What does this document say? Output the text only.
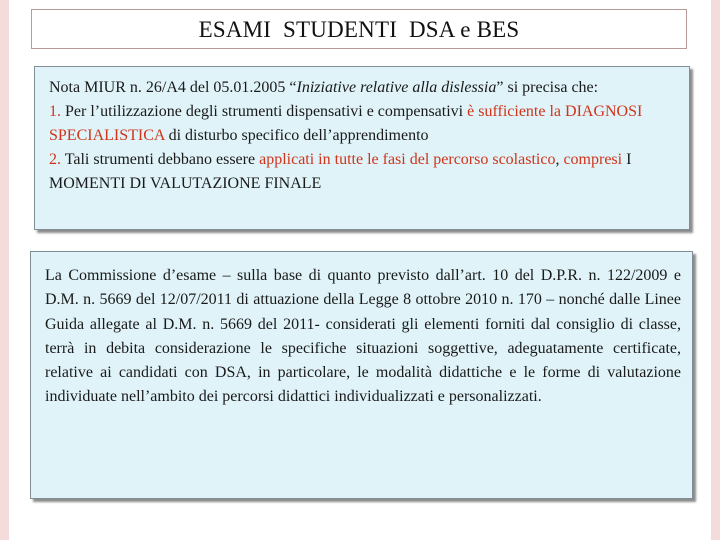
ESAMI  STUDENTI  DSA e BES
Nota MIUR n. 26/A4 del 05.01.2005 “Iniziative relative alla dislessia” si precisa che:
1. Per l’utilizzazione degli strumenti dispensativi e compensativi è sufficiente la DIAGNOSI SPECIALISTICA di disturbo specifico dell’apprendimento
2. Tali strumenti debbano essere applicati in tutte le fasi del percorso scolastico, compresi I MOMENTI DI VALUTAZIONE FINALE
La Commissione d’esame – sulla base di quanto previsto dall’art. 10 del D.P.R. n. 122/2009 e D.M. n. 5669 del 12/07/2011 di attuazione della Legge 8 ottobre 2010 n. 170 – nonché dalle Linee Guida allegate al D.M. n. 5669 del 2011- considerati gli elementi forniti dal consiglio di classe, terrà in debita considerazione le specifiche situazioni soggettive, adeguatamente certificate, relative ai candidati con DSA, in particolare, le modalità didattiche e le forme di valutazione individuate nell’ambito dei percorsi didattici individualizzati e personalizzati.
